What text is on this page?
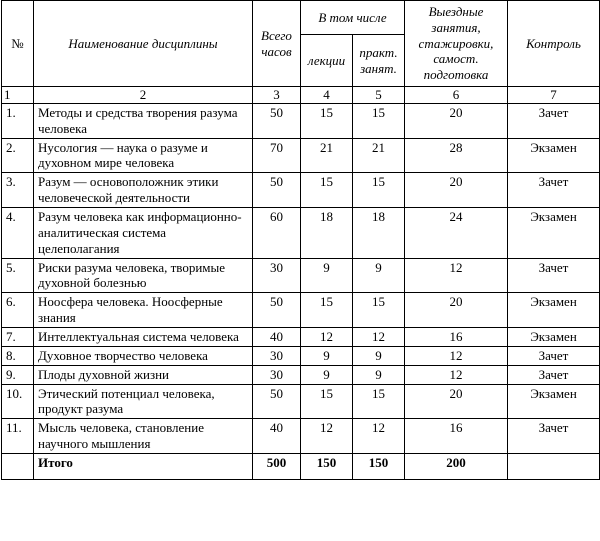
№	Наименование дисциплины	Всего часов	В том числе		Выездные занятия, стажировки, самост. подготовка	Контроль
			лекции	практ. занят.		
1	2	3	4	5	6	7
1.	Методы и средства творения разума человека	50	15	15	20	Зачет
2.	Нусология — наука о разуме и духовном мире человека	70	21	21	28	Экзамен
3.	Разум — основоположник этики человеческой деятельности	50	15	15	20	Зачет
4.	Разум человека как информационно-аналитическая система целеполагания	60	18	18	24	Экзамен
5.	Риски разума человека, творимые духовной болезнью	30	9	9	12	Зачет
6.	Ноосфера человека. Ноосферные знания	50	15	15	20	Экзамен
7.	Интеллектуальная система человека	40	12	12	16	Экзамен
8.	Духовное творчество человека	30	9	9	12	Зачет
9.	Плоды духовной жизни	30	9	9	12	Зачет
10.	Этический потенциал человека, продукт разума	50	15	15	20	Экзамен
11.	Мысль человека, становление научного мышления	40	12	12	16	Зачет
	Итого	500	150	150	200	
